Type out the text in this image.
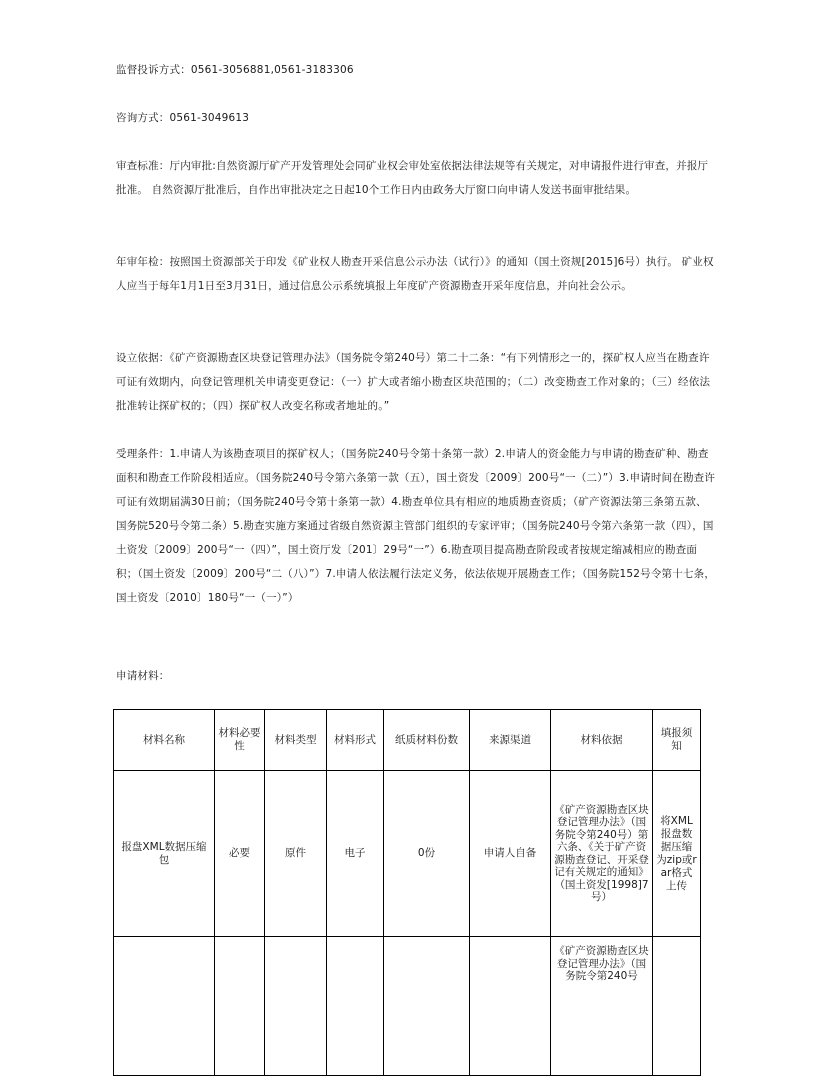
监督投诉方式：0561-3056881,0561-3183306

咨询方式：0561-3049613

审查标准：厅内审批:自然资源厅矿产开发管理处会同矿业权会审处室依据法律法规等有关规定，对申请报件进行审查，并报厅批准。 自然资源厅批准后，自作出审批决定之日起10个工作日内由政务大厅窗口向申请人发送书面审批结果。

年审年检：按照国土资源部关于印发《矿业权人勘查开采信息公示办法（试行）》的通知（国土资规[2015]6号）执行。 矿业权人应当于每年1月1日至3月31日，通过信息公示系统填报上年度矿产资源勘查开采年度信息，并向社会公示。

设立依据：《矿产资源勘查区块登记管理办法》（国务院令第240号）第二十二条：“有下列情形之一的，探矿权人应当在勘查许可证有效期内，向登记管理机关申请变更登记：（一）扩大或者缩小勘查区块范围的；（二）改变勘查工作对象的；（三）经依法批准转让探矿权的；（四）探矿权人改变名称或者地址的。”

受理条件：1.申请人为该勘查项目的探矿权人；（国务院240号令第十条第一款）2.申请人的资金能力与申请的勘查矿种、勘查面积和勘查工作阶段相适应。（国务院240号令第六条第一款（五），国土资发〔2009〕200号“一（二）”）3.申请时间在勘查许可证有效期届满30日前；（国务院240号令第十条第一款）4.勘查单位具有相应的地质勘查资质；（矿产资源法第三条第五款、国务院520号令第二条）5.勘查实施方案通过省级自然资源主管部门组织的专家评审；（国务院240号令第六条第一款（四），国土资发〔2009〕200号“一（四）”，国土资厅发〔201〕29号“一”）6.勘查项目提高勘查阶段或者按规定缩减相应的勘查面积；（国土资发〔2009〕200号“二（八）”）7.申请人依法履行法定义务，依法依规开展勘查工作；（国务院152号令第十七条，国土资发〔2010〕180号“一（一）”）

申请材料：

材料名称	材料必要性	材料类型	材料形式	纸质材料份数	来源渠道	材料依据	填报须知
报盘XML数据压缩包	必要	原件	电子	0份	申请人自备	《矿产资源勘查区块登记管理办法》（国务院令第240号）第六条、《关于矿产资源勘查登记、开采登记有关规定的通知》（国土资发[1998]7号）	将XML报盘数据压缩为zip或rar格式上传
						《矿产资源勘查区块登记管理办法》（国务院令第240号	
